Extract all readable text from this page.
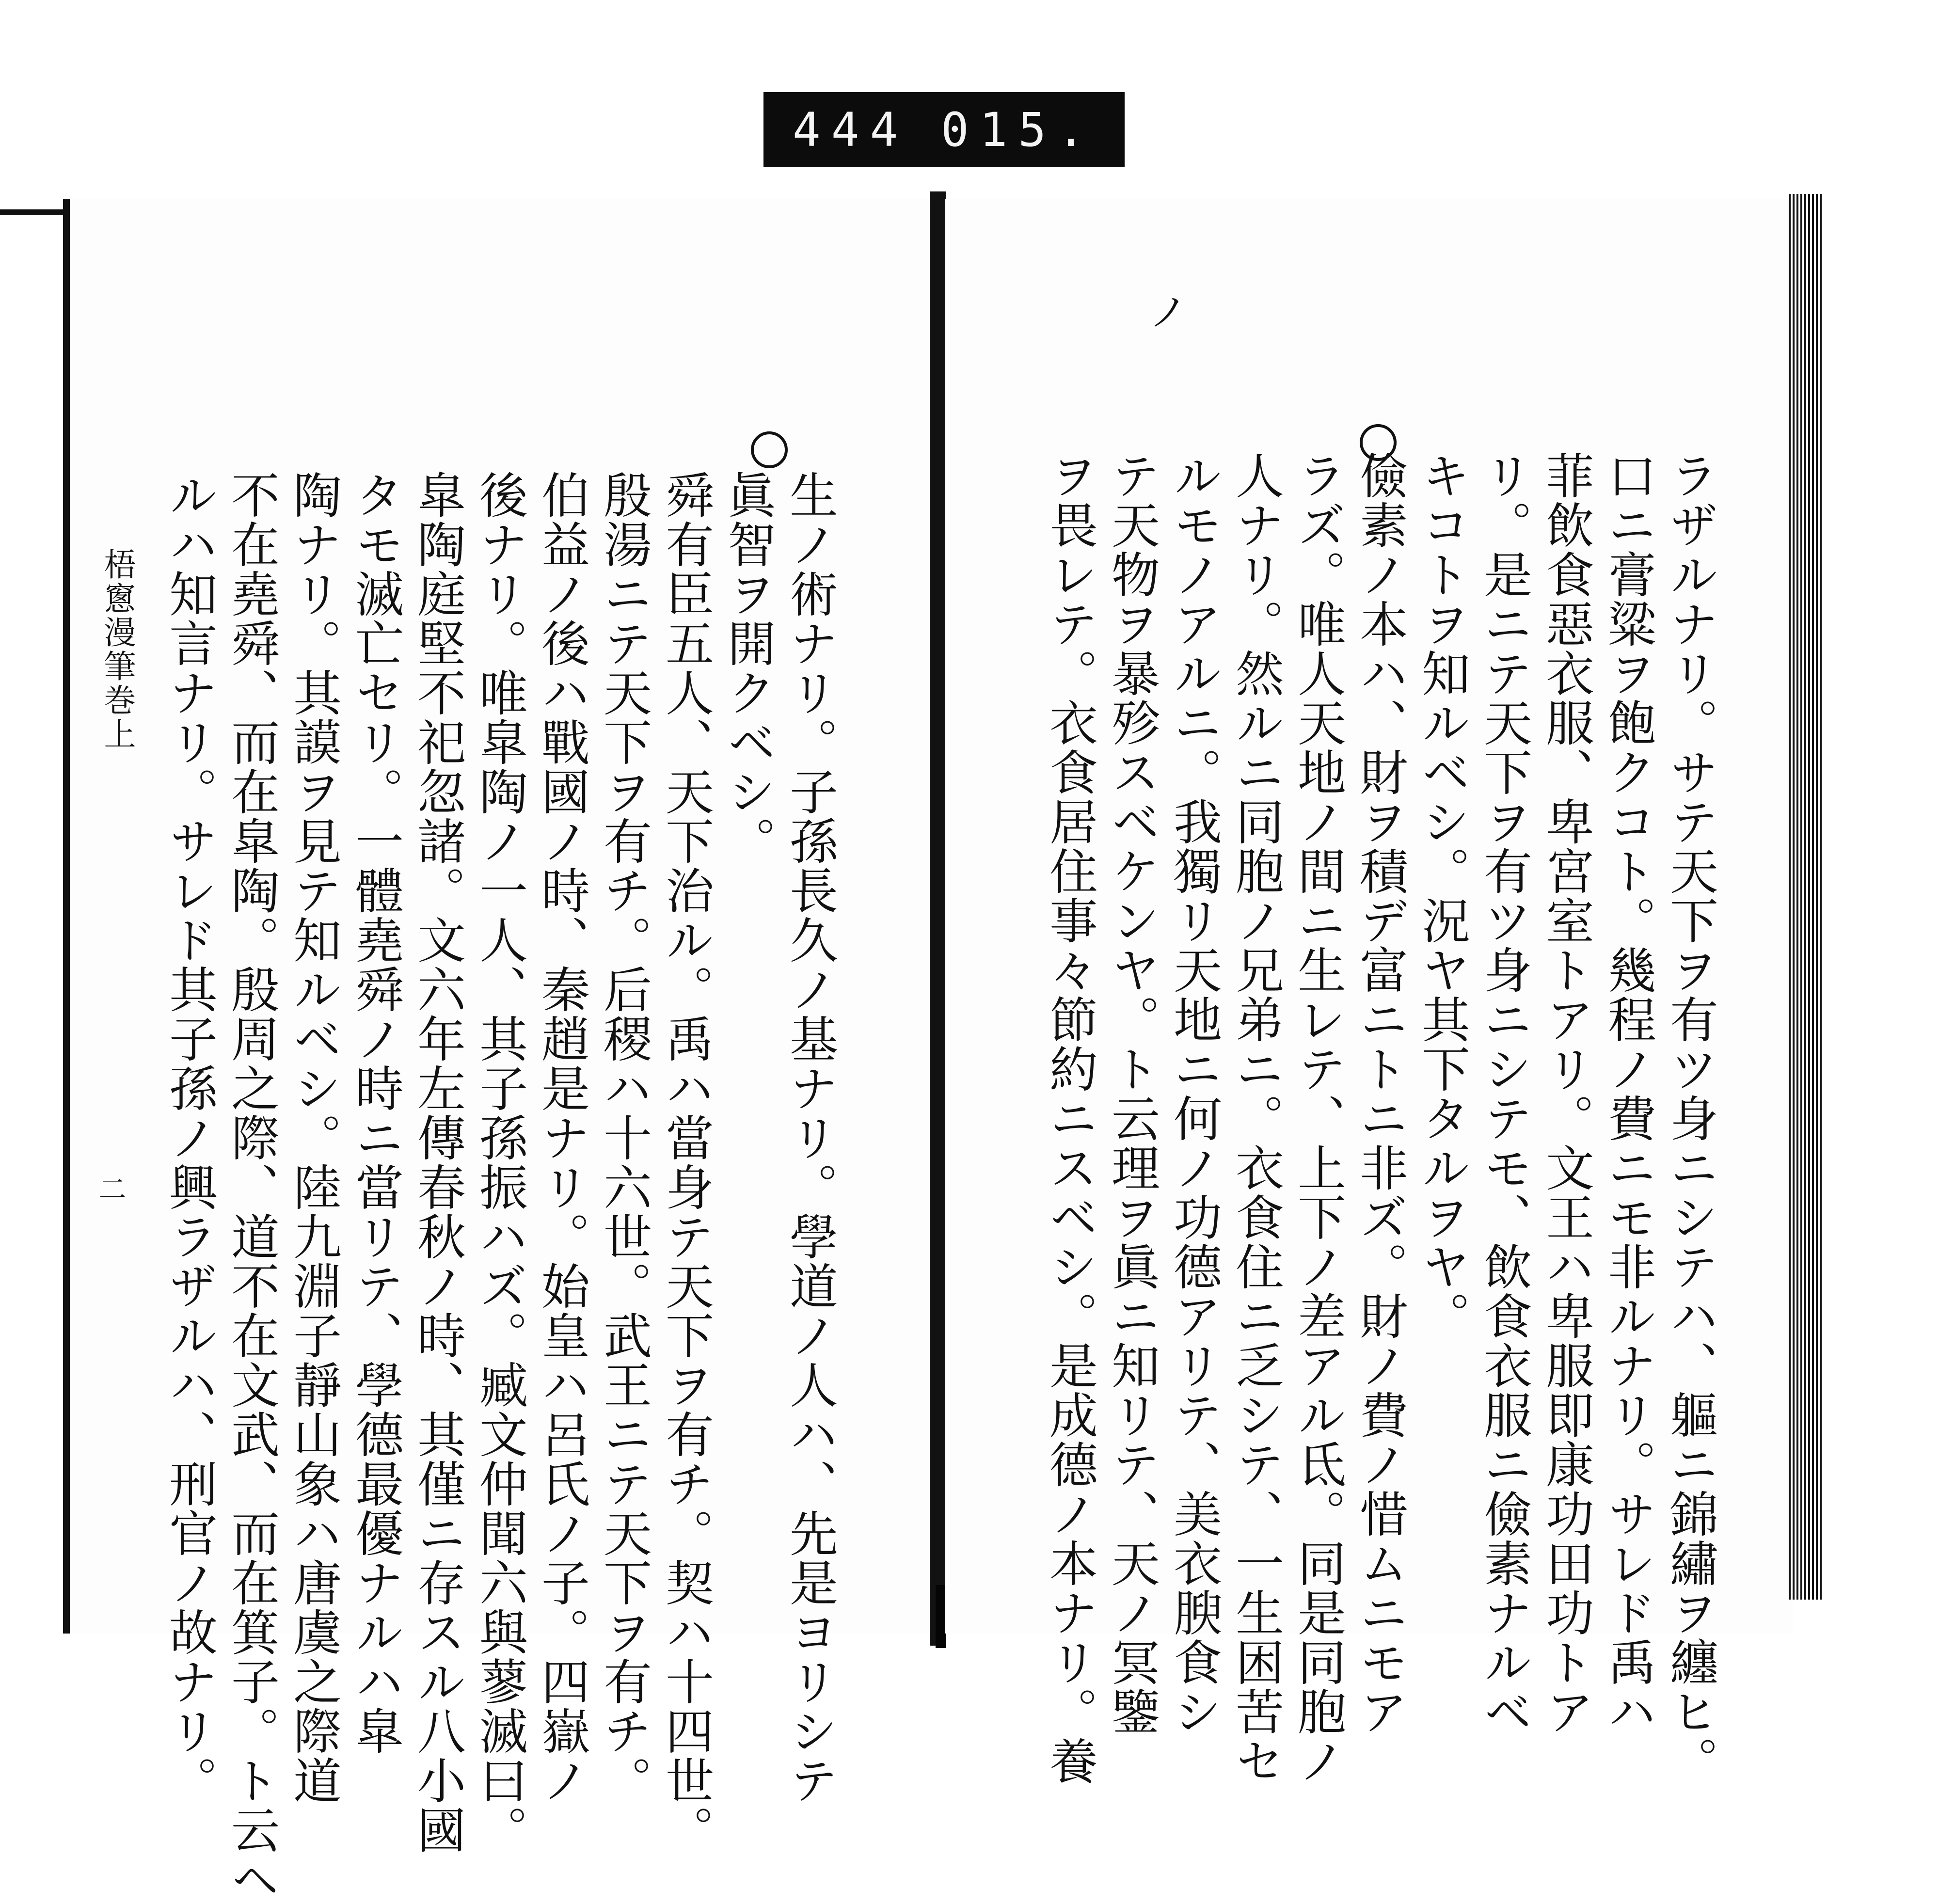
444 015.
生ノ術ナリ。子孫長久ノ基ナリ。學道ノ人ハ、先是ヨリシテ
眞智ヲ開クベシ。
舜有臣五人、天下治ル。禹ハ當身テ天下ヲ有チ。契ハ十四世。
殷湯ニテ天下ヲ有チ。后稷ハ十六世。武王ニテ天下ヲ有チ。
伯益ノ後ハ戰國ノ時、秦趙是ナリ。始皇ハ呂氏ノ子。四嶽ノ
後ナリ。唯皐陶ノ一人、其子孫振ハズ。臧文仲聞六與蓼滅曰。
皐陶庭堅不祀忽諸。文六年左傳春秋ノ時、其僅ニ存スル八小國
タモ滅亡セリ。一體堯舜ノ時ニ當リテ、學德最優ナルハ皐
陶ナリ。其謨ヲ見テ知ルベシ。陸九淵子靜山象ハ唐虞之際道
不在堯舜、而在皐陶。殷周之際、道不在文武、而在箕子。ト云ヘ
ルハ知言ナリ。サレド其子孫ノ興ラザルハ、刑官ノ故ナリ。
梧窻漫筆巻上
二
ノ
ラザルナリ。サテ天下ヲ有ツ身ニシテハ、軀ニ錦繡ヲ纏ヒ。
口ニ膏粱ヲ飽クコト。幾程ノ費ニモ非ルナリ。サレド禹ハ
菲飲食惡衣服、卑宮室トアリ。文王ハ卑服即康功田功トア
リ。是ニテ天下ヲ有ツ身ニシテモ、飲食衣服ニ儉素ナルベ
キコトヲ知ルベシ。況ヤ其下タルヲヤ。
儉素ノ本ハ、財ヲ積デ富ニトニ非ズ。財ノ費ノ惜ムニモア
ラズ。唯人天地ノ間ニ生レテ、上下ノ差アル氐。同是同胞ノ
人ナリ。然ルニ同胞ノ兄弟ニ。衣食住ニ乏シテ、一生困苦セ
ルモノアルニ。我獨リ天地ニ何ノ功德アリテ、美衣腴食シ
テ天物ヲ暴殄スベケンヤ。ト云理ヲ眞ニ知リテ、天ノ冥鑒
ヲ畏レテ。衣食居住事々節約ニスベシ。是成德ノ本ナリ。養
